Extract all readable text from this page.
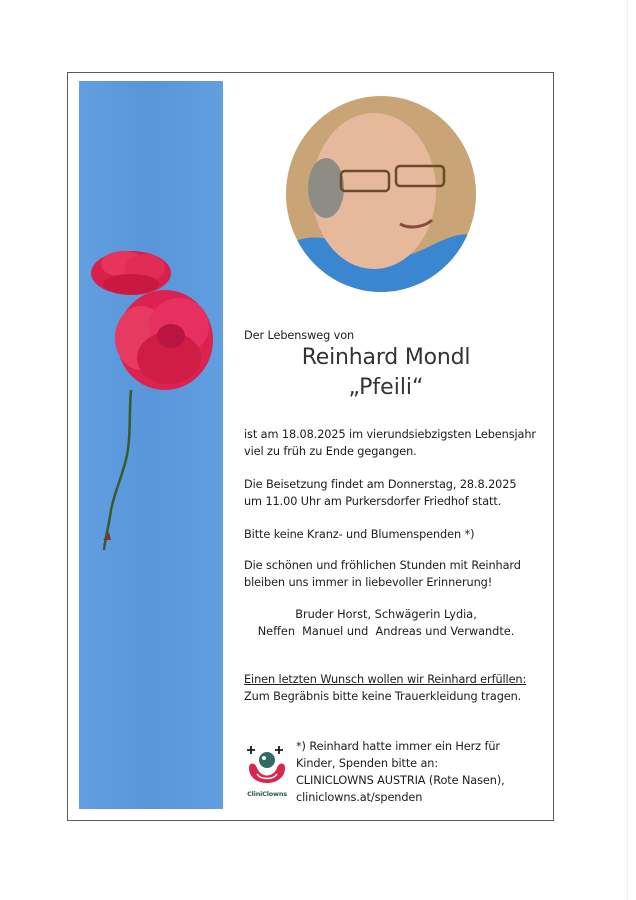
Der Lebensweg von
Reinhard Mondl
„Pfeili“
ist am 18.08.2025 im vierundsiebzigsten Lebensjahr
viel zu früh zu Ende gegangen.
Die Beisetzung findet am Donnerstag, 28.8.2025
um 11.00 Uhr am Purkersdorfer Friedhof statt.
Bitte keine Kranz- und Blumenspenden *)
Die schönen und fröhlichen Stunden mit Reinhard
bleiben uns immer in liebevoller Erinnerung!
Bruder Horst, Schwägerin Lydia,
Neffen  Manuel und  Andreas und Verwandte.
Einen letzten Wunsch wollen wir Reinhard erfüllen:
Zum Begräbnis bitte keine Trauerkleidung tragen.
CliniClowns
*) Reinhard hatte immer ein Herz für
Kinder, Spenden bitte an:
CLINICLOWNS AUSTRIA (Rote Nasen),
cliniclowns.at/spenden
